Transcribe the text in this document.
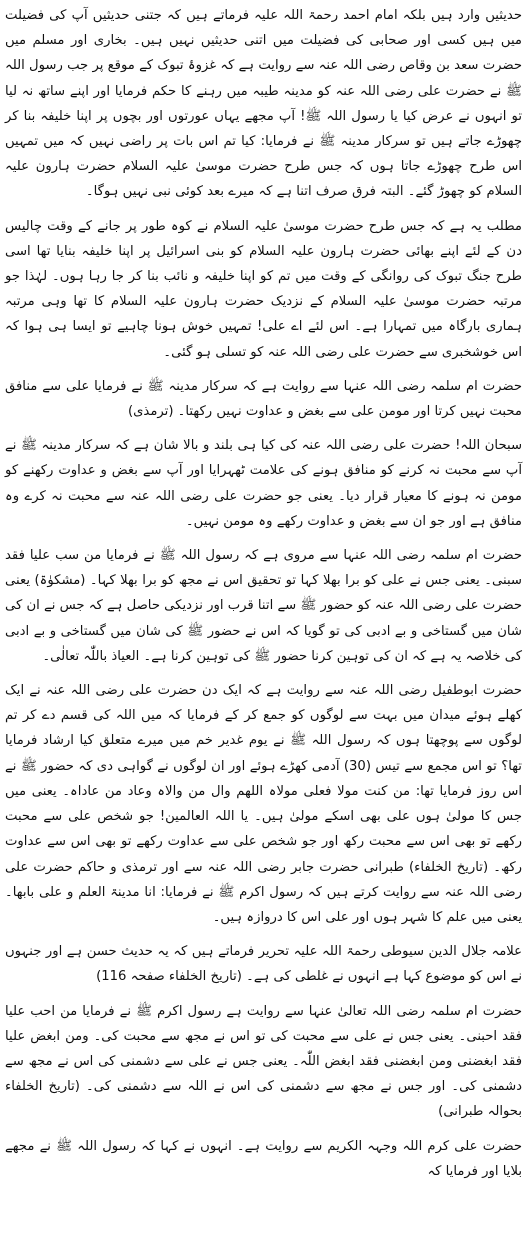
حدیثیں وارد ہیں بلکہ امام احمد رحمۃ اللہ علیہ فرماتے ہیں کہ جتنی حدیثیں آپ کی فضیلت میں ہیں کسی اور صحابی کی فضیلت میں اتنی حدیثیں نہیں ہیں۔ بخاری اور مسلم میں حضرت سعد بن وقاص رضی اللہ عنہ سے روایت ہے کہ غزوۂ تبوک کے موقع پر جب رسول اللہ ﷺ نے حضرت علی رضی اللہ عنہ کو مدینہ طیبہ میں رہنے کا حکم فرمایا اور اپنے ساتھ نہ لیا تو انہوں نے عرض کیا یا رسول اللہ ﷺ! آپ مجھے یہاں عورتوں اور بچوں پر اپنا خلیفہ بنا کر چھوڑے جاتے ہیں تو سرکار مدینہ ﷺ نے فرمایا: کیا تم اس بات پر راضی نہیں کہ میں تمہیں اس طرح چھوڑے جاتا ہوں کہ جس طرح حضرت موسیٰ علیہ السلام حضرت ہارون علیہ السلام کو چھوڑ گئے۔ البتہ فرق صرف اتنا ہے کہ میرے بعد کوئی نبی نہیں ہوگا۔

مطلب یہ ہے کہ جس طرح حضرت موسیٰ علیہ السلام نے کوہ طور پر جانے کے وقت چالیس دن کے لئے اپنے بھائی حضرت ہارون علیہ السلام کو بنی اسرائیل پر اپنا خلیفہ بنایا تھا اسی طرح جنگ تبوک کی روانگی کے وقت میں تم کو اپنا خلیفہ و نائب بنا کر جا رہا ہوں۔ لہٰذا جو مرتبہ حضرت موسیٰ علیہ السلام کے نزدیک حضرت ہارون علیہ السلام کا تھا وہی مرتبہ ہماری بارگاہ میں تمہارا ہے۔ اس لئے اے علی! تمہیں خوش ہونا چاہیے تو ایسا ہی ہوا کہ اس خوشخبری سے حضرت علی رضی اللہ عنہ کو تسلی ہو گئی۔

حضرت ام سلمہ رضی اللہ عنہا سے روایت ہے کہ سرکار مدینہ ﷺ نے فرمایا علی سے منافق محبت نہیں کرتا اور مومن علی سے بغض و عداوت نہیں رکھتا۔ (ترمذی)

سبحان اللہ! حضرت علی رضی اللہ عنہ کی کیا ہی بلند و بالا شان ہے کہ سرکار مدینہ ﷺ نے آپ سے محبت نہ کرنے کو منافق ہونے کی علامت ٹھہرایا اور آپ سے بغض و عداوت رکھنے کو مومن نہ ہونے کا معیار قرار دیا۔ یعنی جو حضرت علی رضی اللہ عنہ سے محبت نہ کرے وہ منافق ہے اور جو ان سے بغض و عداوت رکھے وہ مومن نہیں۔

حضرت ام سلمہ رضی اللہ عنہا سے مروی ہے کہ رسول اللہ ﷺ نے فرمایا من سب علیا فقد سبنی۔ یعنی جس نے علی کو برا بھلا کہا تو تحقیق اس نے مجھ کو برا بھلا کہا۔ (مشکوٰۃ) یعنی حضرت علی رضی اللہ عنہ کو حضور ﷺ سے اتنا قرب اور نزدیکی حاصل ہے کہ جس نے ان کی شان میں گستاخی و بے ادبی کی تو گویا کہ اس نے حضور ﷺ کی شان میں گستاخی و بے ادبی کی خلاصہ یہ ہے کہ ان کی توہین کرنا حضور ﷺ کی توہین کرنا ہے۔ العیاذ باللّٰہ تعالٰی۔

حضرت ابوطفیل رضی اللہ عنہ سے روایت ہے کہ ایک دن حضرت علی رضی اللہ عنہ نے ایک کھلے ہوئے میدان میں بہت سے لوگوں کو جمع کر کے فرمایا کہ میں اللہ کی قسم دے کر تم لوگوں سے پوچھتا ہوں کہ رسول اللہ ﷺ نے یوم غدیر خم میں میرے متعلق کیا ارشاد فرمایا تھا؟ تو اس مجمع سے تیس (30) آدمی کھڑے ہوئے اور ان لوگوں نے گواہی دی کہ حضور ﷺ نے اس روز فرمایا تھا: من کنت مولا فعلی مولاہ اللھم وال من والاہ وعاد من عاداہ۔ یعنی میں جس کا مولیٰ ہوں علی بھی اسکے مولیٰ ہیں۔ یا اللہ العالمین! جو شخص علی سے محبت رکھے تو بھی اس سے محبت رکھ اور جو شخص علی سے عداوت رکھے تو بھی اس سے عداوت رکھ۔ (تاریخ الخلفاء) طبرانی حضرت جابر رضی اللہ عنہ سے اور ترمذی و حاکم حضرت علی رضی اللہ عنہ سے روایت کرتے ہیں کہ رسول اکرم ﷺ نے فرمایا: انا مدینۃ العلم و علی بابھا۔ یعنی میں علم کا شہر ہوں اور علی اس کا دروازہ ہیں۔

علامہ جلال الدین سیوطی رحمۃ اللہ علیہ تحریر فرماتے ہیں کہ یہ حدیث حسن ہے اور جنہوں نے اس کو موضوع کہا ہے انہوں نے غلطی کی ہے۔ (تاریخ الخلفاء صفحہ 116)

حضرت ام سلمہ رضی اللہ تعالیٰ عنہا سے روایت ہے رسول اکرم ﷺ نے فرمایا من احب علیا فقد احبنی۔ یعنی جس نے علی سے محبت کی تو اس نے مجھ سے محبت کی۔ ومن ابغض علیا فقد ابغضنی ومن ابغضنی فقد ابغض اللّٰہ۔ یعنی جس نے علی سے دشمنی کی اس نے مجھ سے دشمنی کی۔ اور جس نے مجھ سے دشمنی کی اس نے اللہ سے دشمنی کی۔ (تاریخ الخلفاء بحوالہ طبرانی)

حضرت علی کرم اللہ وجہہ الکریم سے روایت ہے۔ انہوں نے کہا کہ رسول اللہ ﷺ نے مجھے بلایا اور فرمایا کہ
